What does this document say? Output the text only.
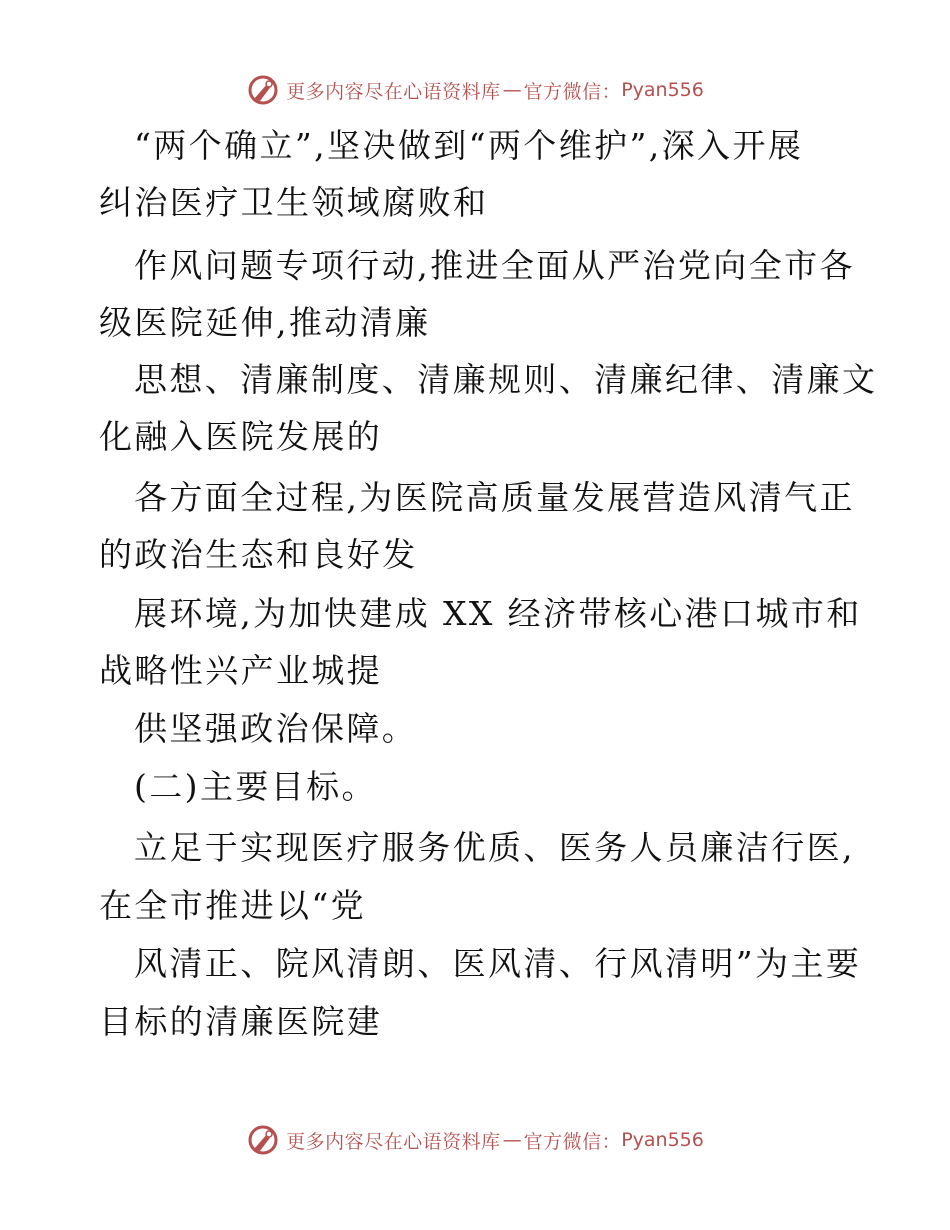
更多内容尽在心语资料库 — 官方微信： Pyan556
“两个确立”,坚决做到“两个维护”,深入开展
纠治医疗卫生领域腐败和
作风问题专项行动,推进全面从严治党向全市各
级医院延伸,推动清廉
思想、清廉制度、清廉规则、清廉纪律、清廉文
化融入医院发展的
各方面全过程,为医院高质量发展营造风清气正
的政治生态和良好发
展环境,为加快建成 XX 经济带核心港口城市和
战略性兴产业城提
供坚强政治保障。
(二)主要目标。
立足于实现医疗服务优质、医务人员廉洁行医,
在全市推进以“党
风清正、院风清朗、医风清、行风清明”为主要
目标的清廉医院建
更多内容尽在心语资料库 — 官方微信： Pyan556
